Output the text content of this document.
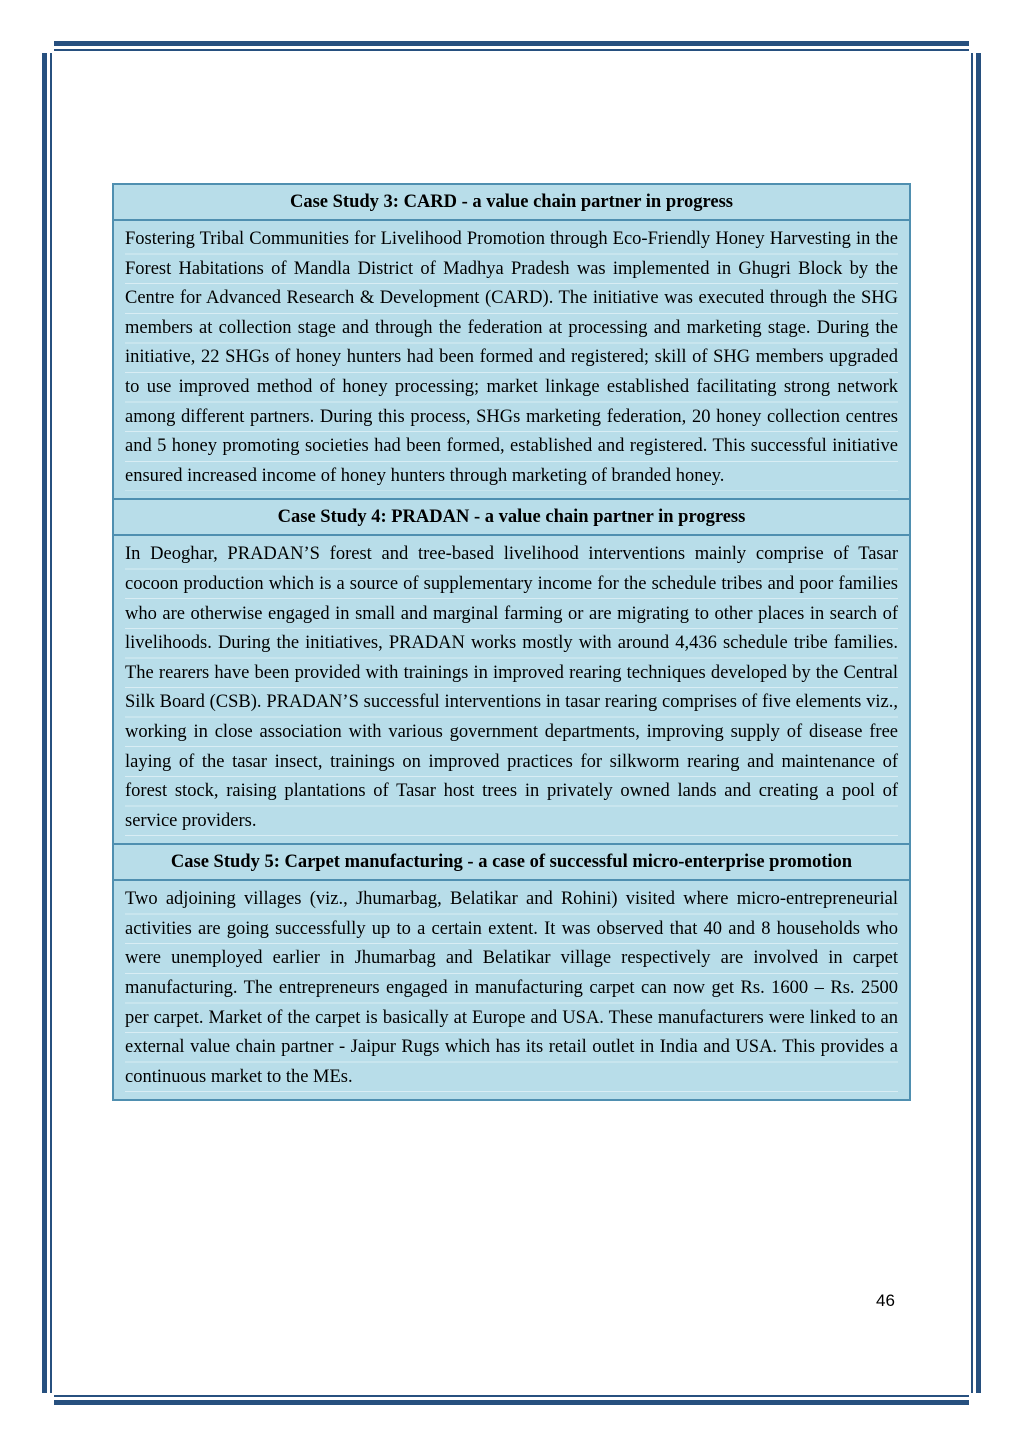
Case Study 3: CARD - a value chain partner in progress

Fostering Tribal Communities for Livelihood Promotion through Eco-Friendly Honey Harvesting in the Forest Habitations of Mandla District of Madhya Pradesh was implemented in Ghugri Block by the Centre for Advanced Research & Development (CARD). The initiative was executed through the SHG members at collection stage and through the federation at processing and marketing stage. During the initiative, 22 SHGs of honey hunters had been formed and registered; skill of SHG members upgraded to use improved method of honey processing; market linkage established facilitating strong network among different partners. During this process, SHGs marketing federation, 20 honey collection centres and 5 honey promoting societies had been formed, established and registered. This successful initiative ensured increased income of honey hunters through marketing of branded honey.

Case Study 4: PRADAN - a value chain partner in progress

In Deoghar, PRADAN’S forest and tree-based livelihood interventions mainly comprise of Tasar cocoon production which is a source of supplementary income for the schedule tribes and poor families who are otherwise engaged in small and marginal farming or are migrating to other places in search of livelihoods. During the initiatives, PRADAN works mostly with around 4,436 schedule tribe families. The rearers have been provided with trainings in improved rearing techniques developed by the Central Silk Board (CSB). PRADAN’S successful interventions in tasar rearing comprises of five elements viz., working in close association with various government departments, improving supply of disease free laying of the tasar insect, trainings on improved practices for silkworm rearing and maintenance of forest stock, raising plantations of Tasar host trees in privately owned lands and creating a pool of service providers.

Case Study 5: Carpet manufacturing - a case of successful micro-enterprise promotion

Two adjoining villages (viz., Jhumarbag, Belatikar and Rohini) visited where micro-entrepreneurial activities are going successfully up to a certain extent. It was observed that 40 and 8 households who were unemployed earlier in Jhumarbag and Belatikar village respectively are involved in carpet manufacturing. The entrepreneurs engaged in manufacturing carpet can now get Rs. 1600 – Rs. 2500 per carpet. Market of the carpet is basically at Europe and USA. These manufacturers were linked to an external value chain partner - Jaipur Rugs which has its retail outlet in India and USA. This provides a continuous market to the MEs.

46
